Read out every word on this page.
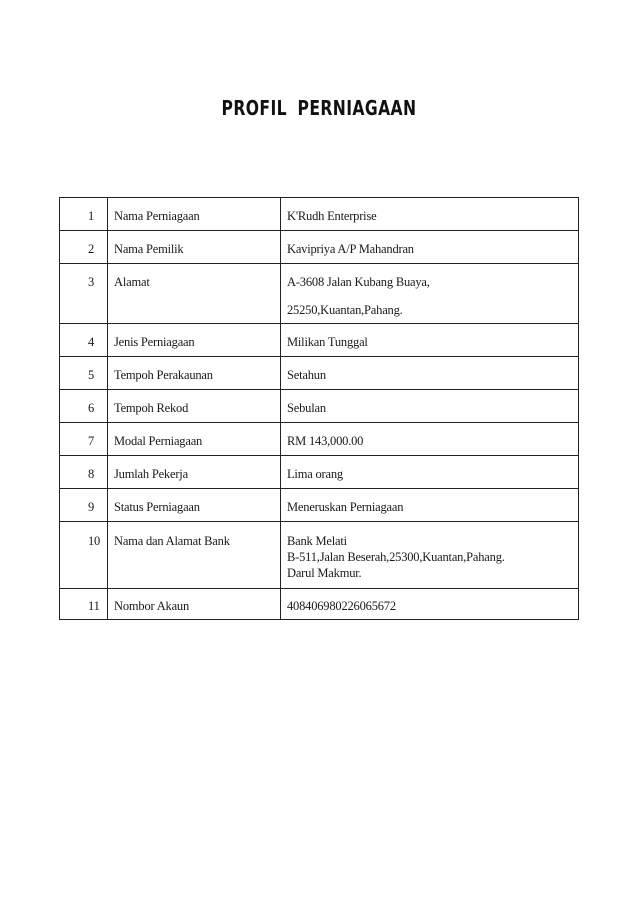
PROFIL PERNIAGAAN
1	Nama Perniagaan	K'Rudh Enterprise

2	Nama Pemilik	Kavipriya A/P Mahandran

3	Alamat	A-3608 Jalan Kubang Buaya,
25250,Kuantan,Pahang.

4	Jenis Perniagaan	Milikan Tunggal

5	Tempoh Perakaunan	Setahun

6	Tempoh Rekod	Sebulan

7	Modal Perniagaan	RM 143,000.00

8	Jumlah Pekerja	Lima orang

9	Status Perniagaan	Meneruskan Perniagaan

10	Nama dan Alamat Bank	Bank Melati
B-511,Jalan Beserah,25300,Kuantan,Pahang.
Darul Makmur.

11	Nombor Akaun	408406980226065672
